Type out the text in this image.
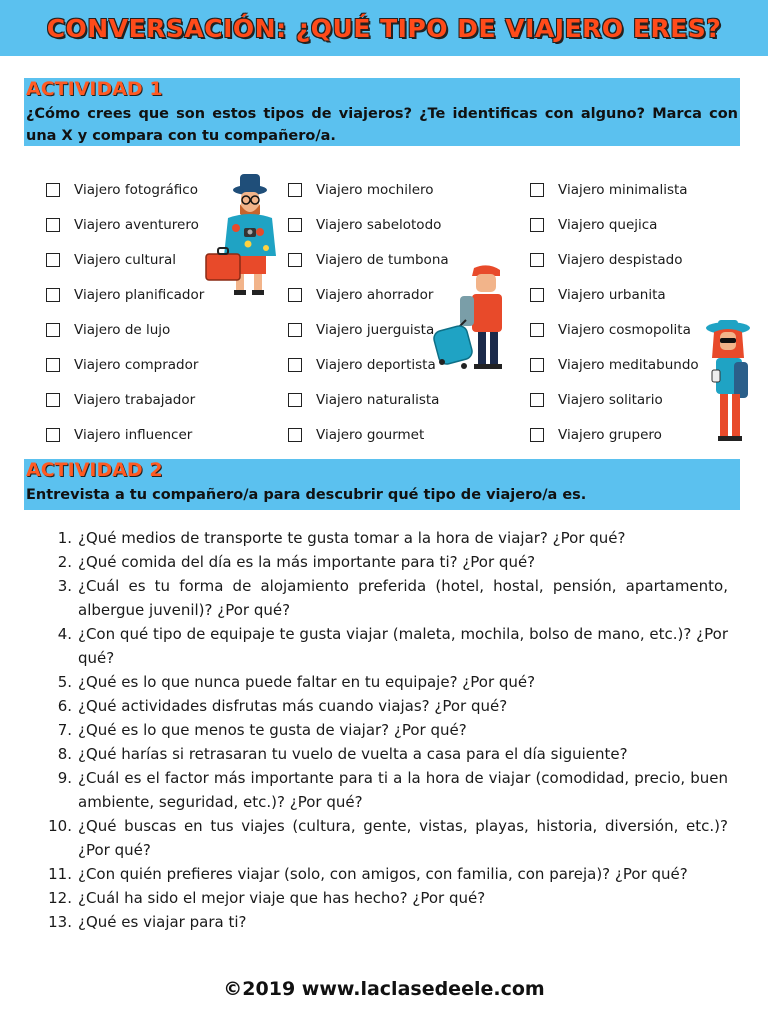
CONVERSACIÓN: ¿QUÉ TIPO DE VIAJERO ERES?
ACTIVIDAD 1
¿Cómo crees que son estos tipos de viajeros? ¿Te identificas con alguno? Marca con una X y compara con tu compañero/a.
Viajero fotográfico
Viajero aventurero
Viajero cultural
Viajero planificador
Viajero de lujo
Viajero comprador
Viajero trabajador
Viajero influencer
Viajero mochilero
Viajero sabelotodo
Viajero de tumbona
Viajero ahorrador
Viajero juerguista
Viajero deportista
Viajero naturalista
Viajero gourmet
Viajero minimalista
Viajero quejica
Viajero despistado
Viajero urbanita
Viajero cosmopolita
Viajero meditabundo
Viajero solitario
Viajero grupero
ACTIVIDAD 2
Entrevista a tu compañero/a para descubrir qué tipo de viajero/a es.
1. ¿Qué medios de transporte te gusta tomar a la hora de viajar? ¿Por qué?
2. ¿Qué comida del día es la más importante para ti? ¿Por qué?
3. ¿Cuál es tu forma de alojamiento preferida (hotel, hostal, pensión, apartamento, albergue juvenil)? ¿Por qué?
4. ¿Con qué tipo de equipaje te gusta viajar (maleta, mochila, bolso de mano, etc.)? ¿Por qué?
5. ¿Qué es lo que nunca puede faltar en tu equipaje? ¿Por qué?
6. ¿Qué actividades disfrutas más cuando viajas? ¿Por qué?
7. ¿Qué es lo que menos te gusta de viajar? ¿Por qué?
8. ¿Qué harías si retrasaran tu vuelo de vuelta a casa para el día siguiente?
9. ¿Cuál es el factor más importante para ti a la hora de viajar (comodidad, precio, buen ambiente, seguridad, etc.)? ¿Por qué?
10. ¿Qué buscas en tus viajes (cultura, gente, vistas, playas, historia, diversión, etc.)? ¿Por qué?
11. ¿Con quién prefieres viajar (solo, con amigos, con familia, con pareja)? ¿Por qué?
12. ¿Cuál ha sido el mejor viaje que has hecho? ¿Por qué?
13. ¿Qué es viajar para ti?
©2019 www.laclasedeele.com
